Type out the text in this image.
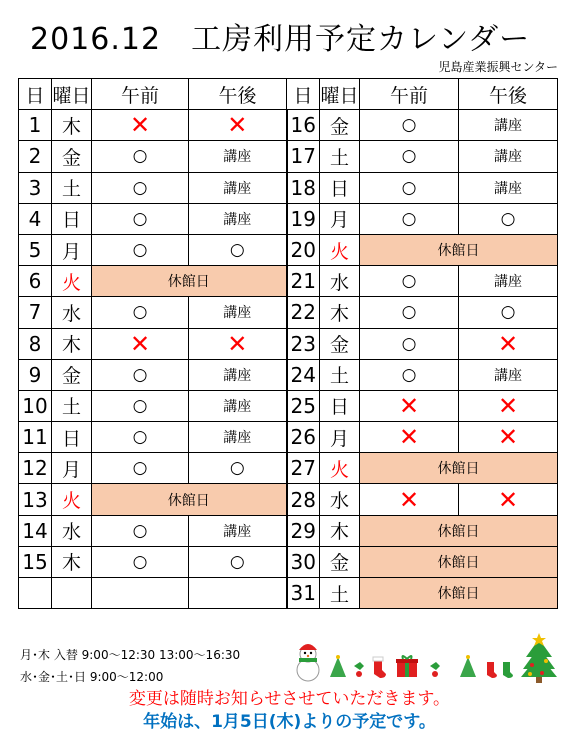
2016.12 工房利用予定カレンダー
児島産業振興センター
日	曜日	午前	午後	日	曜日	午前	午後
1	木	✕	✕	16	金	○	講座
2	金	○	講座	17	土	○	講座
3	土	○	講座	18	日	○	講座
4	日	○	講座	19	月	○	○
5	月	○	○	20	火	休館日	
6	火	休館日		21	水	○	講座
7	水	○	講座	22	木	○	○
8	木	✕	✕	23	金	○	✕
9	金	○	講座	24	土	○	講座
10	土	○	講座	25	日	✕	✕
11	日	○	講座	26	月	✕	✕
12	月	○	○	27	火	休館日	
13	火	休館日		28	水	✕	✕
14	水	○	講座	29	木	休館日	
15	木	○	○	30	金	休館日	
				31	土	休館日	
月･木 入替 9:00～12:30 13:00～16:30
水･金･土･日 9:00～12:00
変更は随時お知らせさせていただきます。
年始は、1月5日(木)よりの予定です。
